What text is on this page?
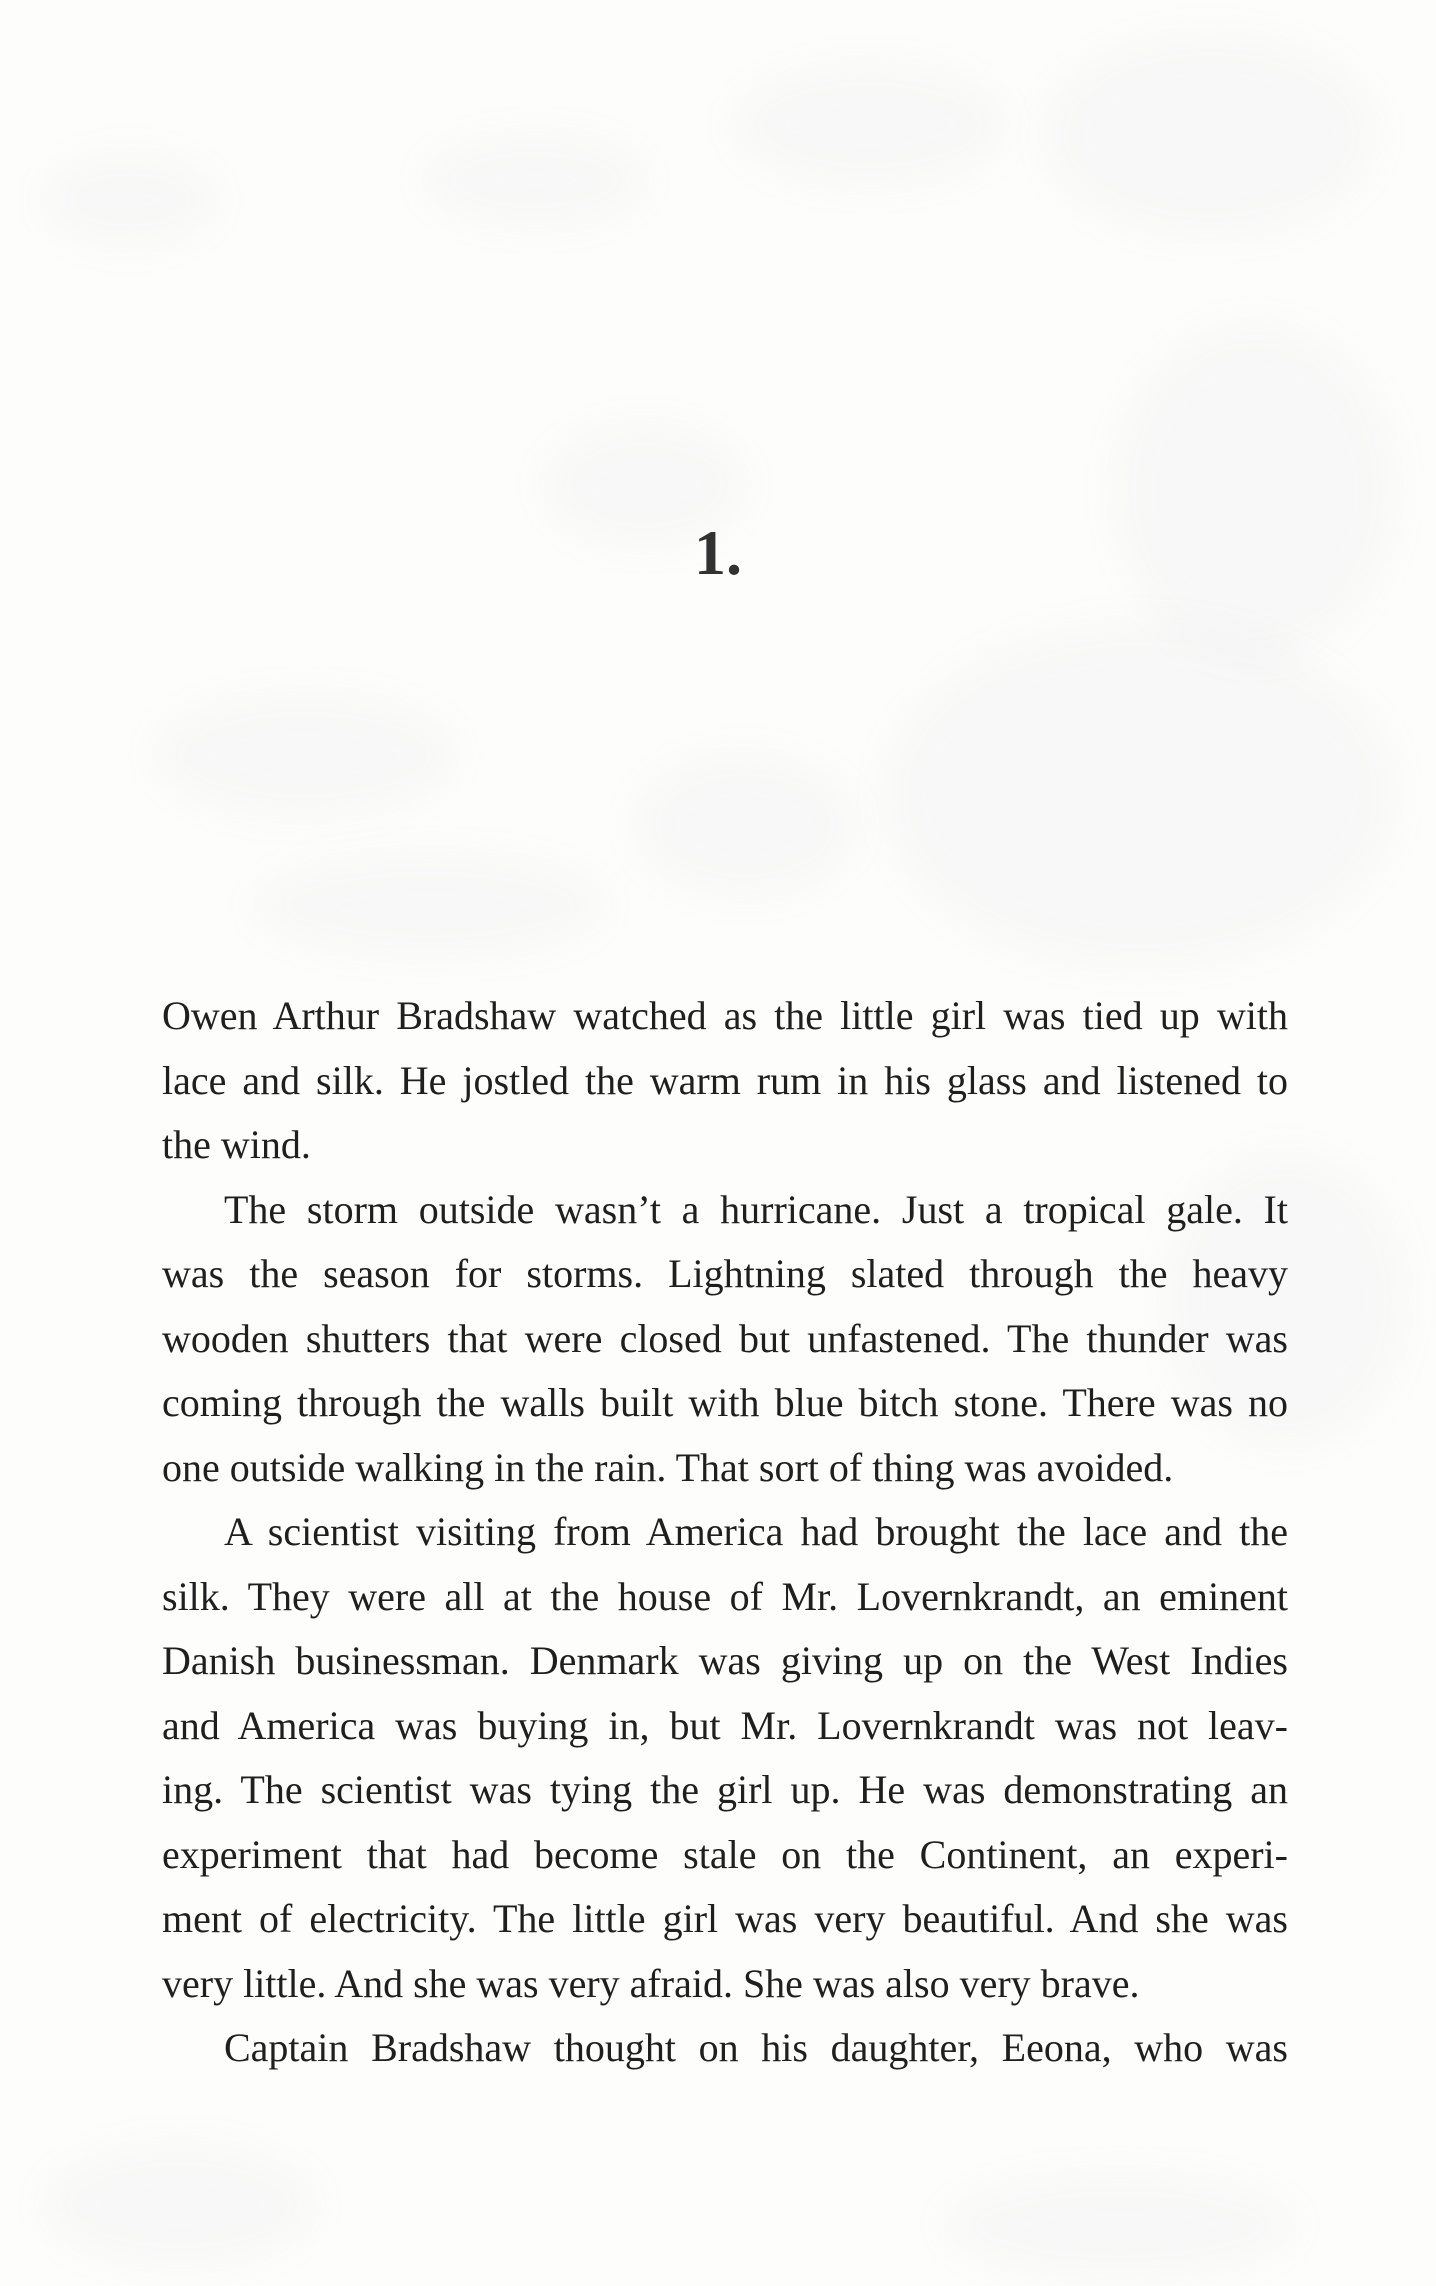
1.
Owen Arthur Bradshaw watched as the little girl was tied up with
lace and silk. He jostled the warm rum in his glass and listened to
the wind.
The storm outside wasn’t a hurricane. Just a tropical gale. It
was the season for storms. Lightning slated through the heavy
wooden shutters that were closed but unfastened. The thunder was
coming through the walls built with blue bitch stone. There was no
one outside walking in the rain. That sort of thing was avoided.
A scientist visiting from America had brought the lace and the
silk. They were all at the house of Mr. Lovernkrandt, an eminent
Danish businessman. Denmark was giving up on the West Indies
and America was buying in, but Mr. Lovernkrandt was not leav-
ing. The scientist was tying the girl up. He was demonstrating an
experiment that had become stale on the Continent, an experi-
ment of electricity. The little girl was very beautiful. And she was
very little. And she was very afraid. She was also very brave.
Captain Bradshaw thought on his daughter, Eeona, who was
